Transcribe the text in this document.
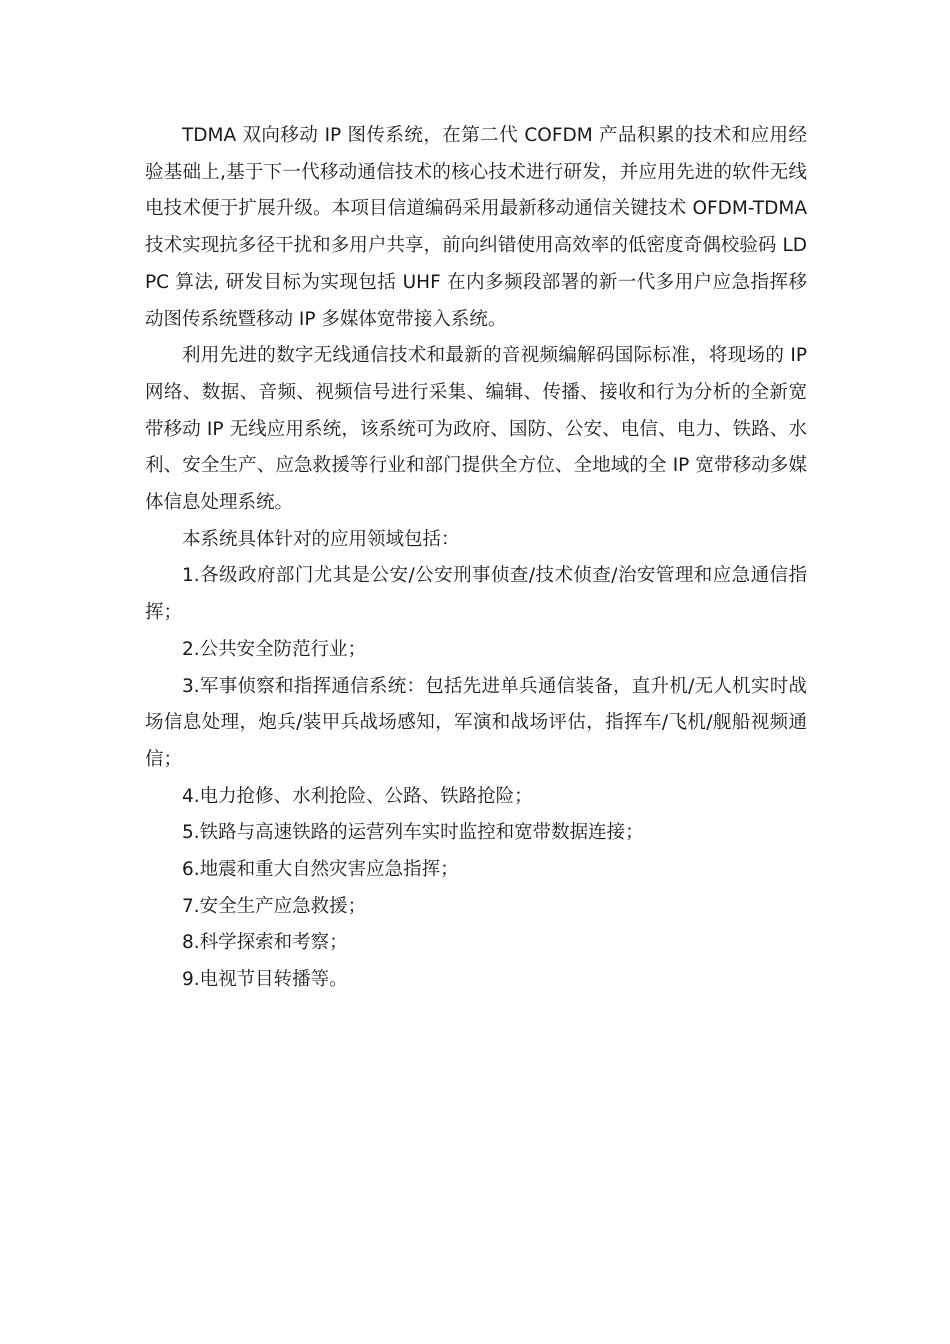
TDMA 双向移动 IP 图传系统，在第二代 COFDM 产品积累的技术和应用经验基础上,基于下一代移动通信技术的核心技术进行研发，并应用先进的软件无线电技术便于扩展升级。本项目信道编码采用最新移动通信关键技术 OFDM-TDMA 技术实现抗多径干扰和多用户共享，前向纠错使用高效率的低密度奇偶校验码 LDPC 算法, 研发目标为实现包括 UHF 在内多频段部署的新一代多用户应急指挥移动图传系统暨移动 IP 多媒体宽带接入系统。

利用先进的数字无线通信技术和最新的音视频编解码国际标准，将现场的 IP 网络、数据、音频、视频信号进行采集、编辑、传播、接收和行为分析的全新宽带移动 IP 无线应用系统，该系统可为政府、国防、公安、电信、电力、铁路、水利、安全生产、应急救援等行业和部门提供全方位、全地域的全 IP 宽带移动多媒体信息处理系统。

本系统具体针对的应用领域包括：

1.各级政府部门尤其是公安/公安刑事侦查/技术侦查/治安管理和应急通信指挥；

2.公共安全防范行业；

3.军事侦察和指挥通信系统：包括先进单兵通信装备，直升机/无人机实时战场信息处理，炮兵/装甲兵战场感知，军演和战场评估，指挥车/飞机/舰船视频通信；

4.电力抢修、水利抢险、公路、铁路抢险；

5.铁路与高速铁路的运营列车实时监控和宽带数据连接；

6.地震和重大自然灾害应急指挥；

7.安全生产应急救援；

8.科学探索和考察；

9.电视节目转播等。
